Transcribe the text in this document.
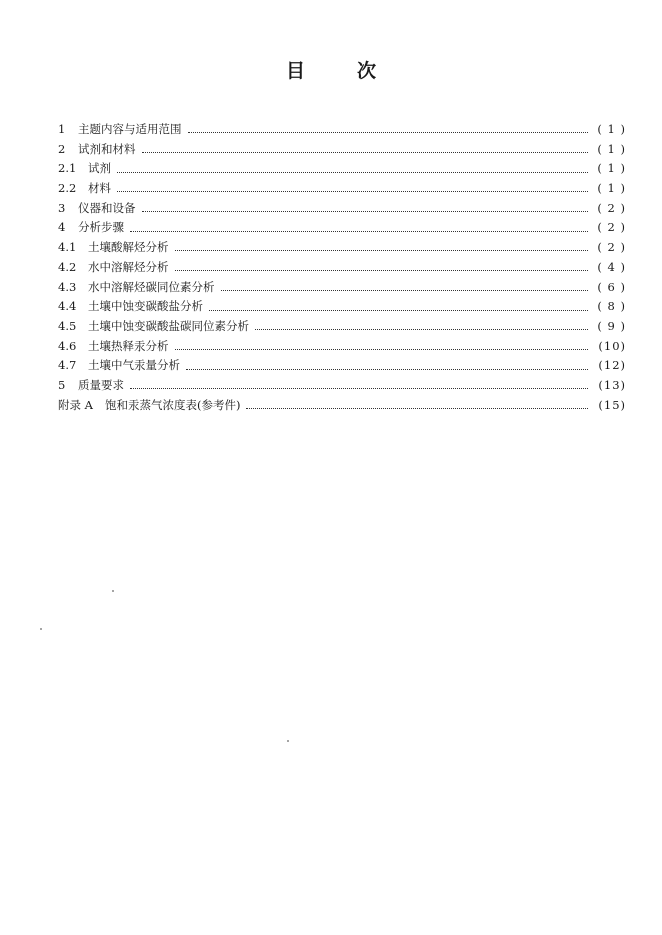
目	次
1	主题内容与适用范围	( 1 )
2	试剂和材料	( 1 )
2.1	试剂	( 1 )
2.2	材料	( 1 )
3	仪器和设备	( 2 )
4	分析步骤	( 2 )
4.1	土壤酸解烃分析	( 2 )
4.2	水中溶解烃分析	( 4 )
4.3	水中溶解烃碳同位素分析	( 6 )
4.4	土壤中蚀变碳酸盐分析	( 8 )
4.5	土壤中蚀变碳酸盐碳同位素分析	( 9 )
4.6	土壤热释汞分析	(10)
4.7	土壤中气汞量分析	(12)
5	质量要求	(13)
附录 A 饱和汞蒸气浓度表(参考件)	(15)
